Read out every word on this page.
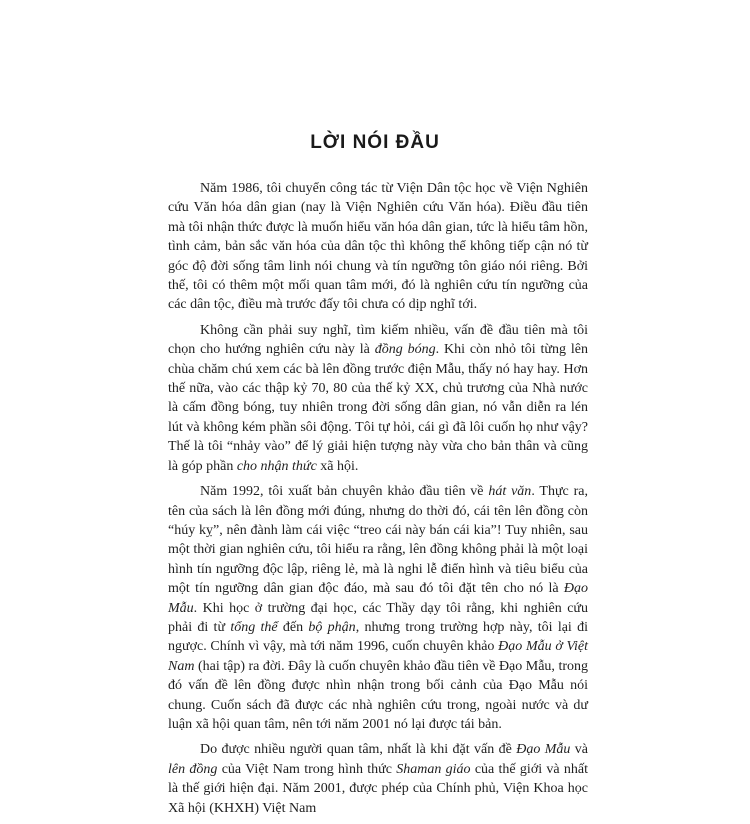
LỜI NÓI ĐẦU

Năm 1986, tôi chuyển công tác từ Viện Dân tộc học về Viện Nghiên cứu Văn hóa dân gian (nay là Viện Nghiên cứu Văn hóa). Điều đầu tiên mà tôi nhận thức được là muốn hiểu văn hóa dân gian, tức là hiểu tâm hồn, tình cảm, bản sắc văn hóa của dân tộc thì không thể không tiếp cận nó từ góc độ đời sống tâm linh nói chung và tín ngưỡng tôn giáo nói riêng. Bởi thế, tôi có thêm một mối quan tâm mới, đó là nghiên cứu tín ngưỡng của các dân tộc, điều mà trước đấy tôi chưa có dịp nghĩ tới.

Không cần phải suy nghĩ, tìm kiếm nhiều, vấn đề đầu tiên mà tôi chọn cho hướng nghiên cứu này là đồng bóng. Khi còn nhỏ tôi từng lên chùa chăm chú xem các bà lên đồng trước điện Mẫu, thấy nó hay hay. Hơn thế nữa, vào các thập kỷ 70, 80 của thế kỷ XX, chủ trương của Nhà nước là cấm đồng bóng, tuy nhiên trong đời sống dân gian, nó vẫn diễn ra lén lút và không kém phần sôi động. Tôi tự hỏi, cái gì đã lôi cuốn họ như vậy? Thế là tôi “nhảy vào” để lý giải hiện tượng này vừa cho bản thân và cũng là góp phần cho nhận thức xã hội.

Năm 1992, tôi xuất bản chuyên khảo đầu tiên về hát văn. Thực ra, tên của sách là lên đồng mới đúng, nhưng do thời đó, cái tên lên đồng còn “húy kỵ”, nên đành làm cái việc “treo cái này bán cái kia”! Tuy nhiên, sau một thời gian nghiên cứu, tôi hiểu ra rằng, lên đồng không phải là một loại hình tín ngưỡng độc lập, riêng lẻ, mà là nghi lễ điển hình và tiêu biểu của một tín ngưỡng dân gian độc đáo, mà sau đó tôi đặt tên cho nó là Đạo Mẫu. Khi học ở trường đại học, các Thầy dạy tôi rằng, khi nghiên cứu phải đi từ tổng thể đến bộ phận, nhưng trong trường hợp này, tôi lại đi ngược. Chính vì vậy, mà tới năm 1996, cuốn chuyên khảo Đạo Mẫu ở Việt Nam (hai tập) ra đời. Đây là cuốn chuyên khảo đầu tiên về Đạo Mẫu, trong đó vấn đề lên đồng được nhìn nhận trong bối cảnh của Đạo Mẫu nói chung. Cuốn sách đã được các nhà nghiên cứu trong, ngoài nước và dư luận xã hội quan tâm, nên tới năm 2001 nó lại được tái bản.

Do được nhiều người quan tâm, nhất là khi đặt vấn đề Đạo Mẫu và lên đồng của Việt Nam trong hình thức Shaman giáo của thế giới và nhất là thế giới hiện đại. Năm 2001, được phép của Chính phủ, Viện Khoa học Xã hội (KHXH) Việt Nam
